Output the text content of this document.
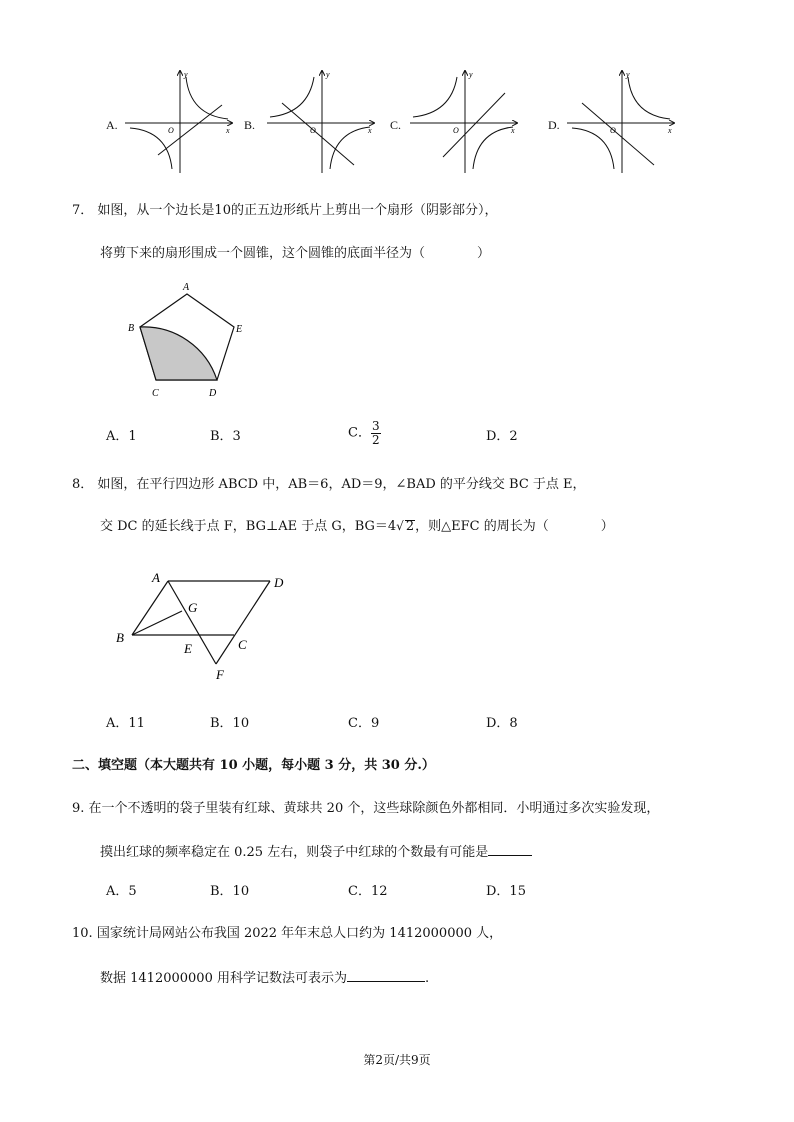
A.	O	x
y
B.	O	x
y
C.	O	x
y
D.	O	x
y
7． 如图，从一个边长是10的正五边形纸片上剪出一个扇形（阴影部分），
将剪下来的扇形围成一个圆锥，这个圆锥的底面半径为（　　　　）
A
B	E
C	D
A．1	B．3	C． $\frac{3}{2}$	D．2
8． 如图，在平行四边形 ABCD 中，AB＝6，AD＝9，∠BAD 的平分线交 BC 于点 E，
交 DC 的延长线于点 F，BG⊥AE 于点 G，BG＝4√ 2，则△EFC 的周长为（　　　　）
A	D
B
G
E	C
F
A．11	B．10	C．9	D．8
二、填空题（本大题共有 10 小题，每小题 3 分，共 30 分.）
9. 在一个不透明的袋子里装有红球、黄球共 20 个，这些球除颜色外都相同．小明通过多次实验发现，
摸出红球的频率稳定在 0.25 左右，则袋子中红球的个数最有可能是
A．5	B．10	C．12	D．15
10. 国家统计局网站公布我国 2022 年年末总人口约为 1412000000 人，
数据 1412000000 用科学记数法可表示为	.
第2页/共9页
